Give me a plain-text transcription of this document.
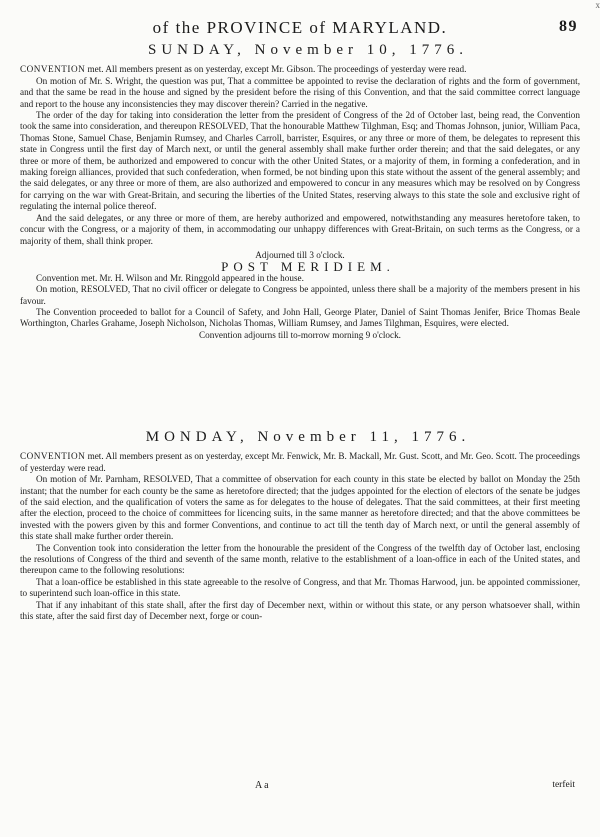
x
of the PROVINCE of MARYLAND.	89

SUNDAY, November 10, 1776.

CONVENTION met. All members present as on yesterday, except Mr. Gibson. The proceedings of yesterday were read.

On motion of Mr. S. Wright, the question was put, That a committee be appointed to revise the declaration of rights and the form of government, and that the same be read in the house and signed by the president before the rising of this Convention, and that the said committee correct language and report to the house any inconsistencies they may discover therein? Carried in the negative.

The order of the day for taking into consideration the letter from the president of Congress of the 2d of October last, being read, the Convention took the same into consideration, and thereupon RESOLVED, That the honourable Matthew Tilghman, Esq; and Thomas Johnson, junior, William Paca, Thomas Stone, Samuel Chase, Benjamin Rumsey, and Charles Carroll, barrister, Esquires, or any three or more of them, be delegates to represent this state in Congress until the first day of March next, or until the general assembly shall make further order therein; and that the said delegates, or any three or more of them, be authorized and empowered to concur with the other United States, or a majority of them, in forming a confederation, and in making foreign alliances, provided that such confederation, when formed, be not binding upon this state without the assent of the general assembly; and the said delegates, or any three or more of them, are also authorized and empowered to concur in any measures which may be resolved on by Congress for carrying on the war with Great-Britain, and securing the liberties of the United States, reserving always to this state the sole and exclusive right of regulating the internal police thereof.

And the said delegates, or any three or more of them, are hereby authorized and empowered, notwithstanding any measures heretofore taken, to concur with the Congress, or a majority of them, in accommodating our unhappy differences with Great-Britain, on such terms as the Congress, or a majority of them, shall think proper.

Adjourned till 3 o'clock.

POST MERIDIEM.

Convention met. Mr. H. Wilson and Mr. Ringgold appeared in the house.

On motion, RESOLVED, That no civil officer or delegate to Congress be appointed, unless there shall be a majority of the members present in his favour.

The Convention proceeded to ballot for a Council of Safety, and John Hall, George Plater, Daniel of Saint Thomas Jenifer, Brice Thomas Beale Worthington, Charles Grahame, Joseph Nicholson, Nicholas Thomas, William Rumsey, and James Tilghman, Esquires, were elected.

Convention adjourns till to-morrow morning 9 o'clock.

MONDAY, November 11, 1776.

CONVENTION met. All members present as on yesterday, except Mr. Fenwick, Mr. B. Mackall, Mr. Gust. Scott, and Mr. Geo. Scott. The proceedings of yesterday were read.

On motion of Mr. Parnham, RESOLVED, That a committee of observation for each county in this state be elected by ballot on Monday the 25th instant; that the number for each county be the same as heretofore directed; that the judges appointed for the election of electors of the senate be judges of the said election, and the qualification of voters the same as for delegates to the house of delegates. That the said committees, at their first meeting after the election, proceed to the choice of committees for licencing suits, in the same manner as heretofore directed; and that the above committees be invested with the powers given by this and former Conventions, and continue to act till the tenth day of March next, or until the general assembly of this state shall make further order therein.

The Convention took into consideration the letter from the honourable the president of the Congress of the twelfth day of October last, enclosing the resolutions of Congress of the third and seventh of the same month, relative to the establishment of a loan-office in each of the United states, and thereupon came to the following resolutions:

That a loan-office be established in this state agreeable to the resolve of Congress, and that Mr. Thomas Harwood, jun. be appointed commissioner, to superintend such loan-office in this state.

That if any inhabitant of this state shall, after the first day of December next, within or without this state, or any person whatsoever shall, within this state, after the said first day of December next, forge or coun-

A a	terfeit
